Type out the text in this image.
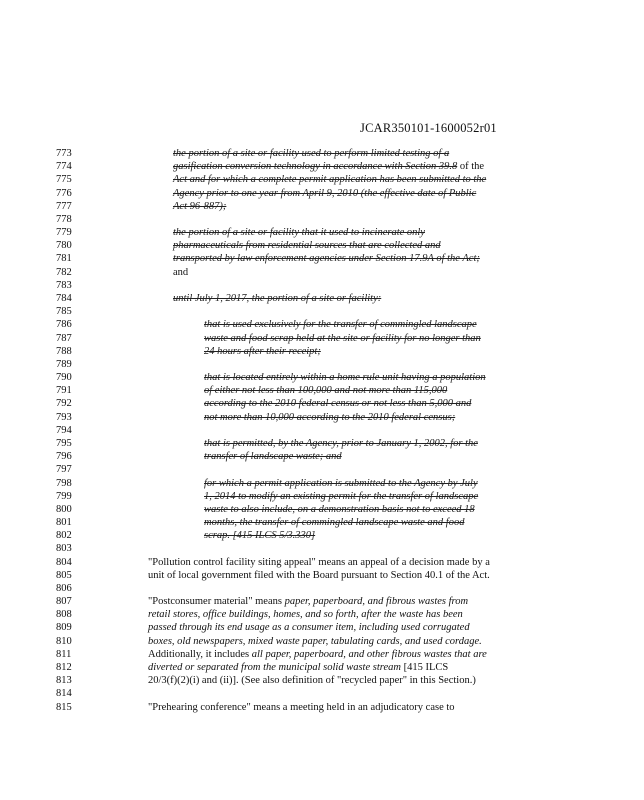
JCAR350101-1600052r01
773	the portion of a site or facility used to perform limited testing of a
774	gasification conversion technology in accordance with Section 39.8 of the
775	Act and for which a complete permit application has been submitted to the
776	Agency prior to one year from April 9, 2010 (the effective date of Public
777	Act 96-887);
778
779	the portion of a site or facility that it used to incinerate only
780	pharmaceuticals from residential sources that are collected and
781	transported by law enforcement agencies under Section 17.9A of the Act;
782	and
783
784	until July 1, 2017, the portion of a site or facility:
785
786	that is used exclusively for the transfer of commingled landscape
787	waste and food scrap held at the site or facility for no longer than
788	24 hours after their receipt;
789
790	that is located entirely within a home rule unit having a population
791	of either not less than 100,000 and not more than 115,000
792	according to the 2010 federal census or not less than 5,000 and
793	not more than 10,000 according to the 2010 federal census;
794
795	that is permitted, by the Agency, prior to January 1, 2002, for the
796	transfer of landscape waste; and
797
798	for which a permit application is submitted to the Agency by July
799	1, 2014 to modify an existing permit for the transfer of landscape
800	waste to also include, on a demonstration basis not to exceed 18
801	months, the transfer of commingled landscape waste and food
802	scrap. [415 ILCS 5/3.330]
803
804	"Pollution control facility siting appeal" means an appeal of a decision made by a
805	unit of local government filed with the Board pursuant to Section 40.1 of the Act.
806
807	"Postconsumer material" means paper, paperboard, and fibrous wastes from
808	retail stores, office buildings, homes, and so forth, after the waste has been
809	passed through its end usage as a consumer item, including used corrugated
810	boxes, old newspapers, mixed waste paper, tabulating cards, and used cordage.
811	Additionally, it includes all paper, paperboard, and other fibrous wastes that are
812	diverted or separated from the municipal solid waste stream [415 ILCS
813	20/3(f)(2)(i) and (ii)]. (See also definition of "recycled paper" in this Section.)
814
815	"Prehearing conference" means a meeting held in an adjudicatory case to
